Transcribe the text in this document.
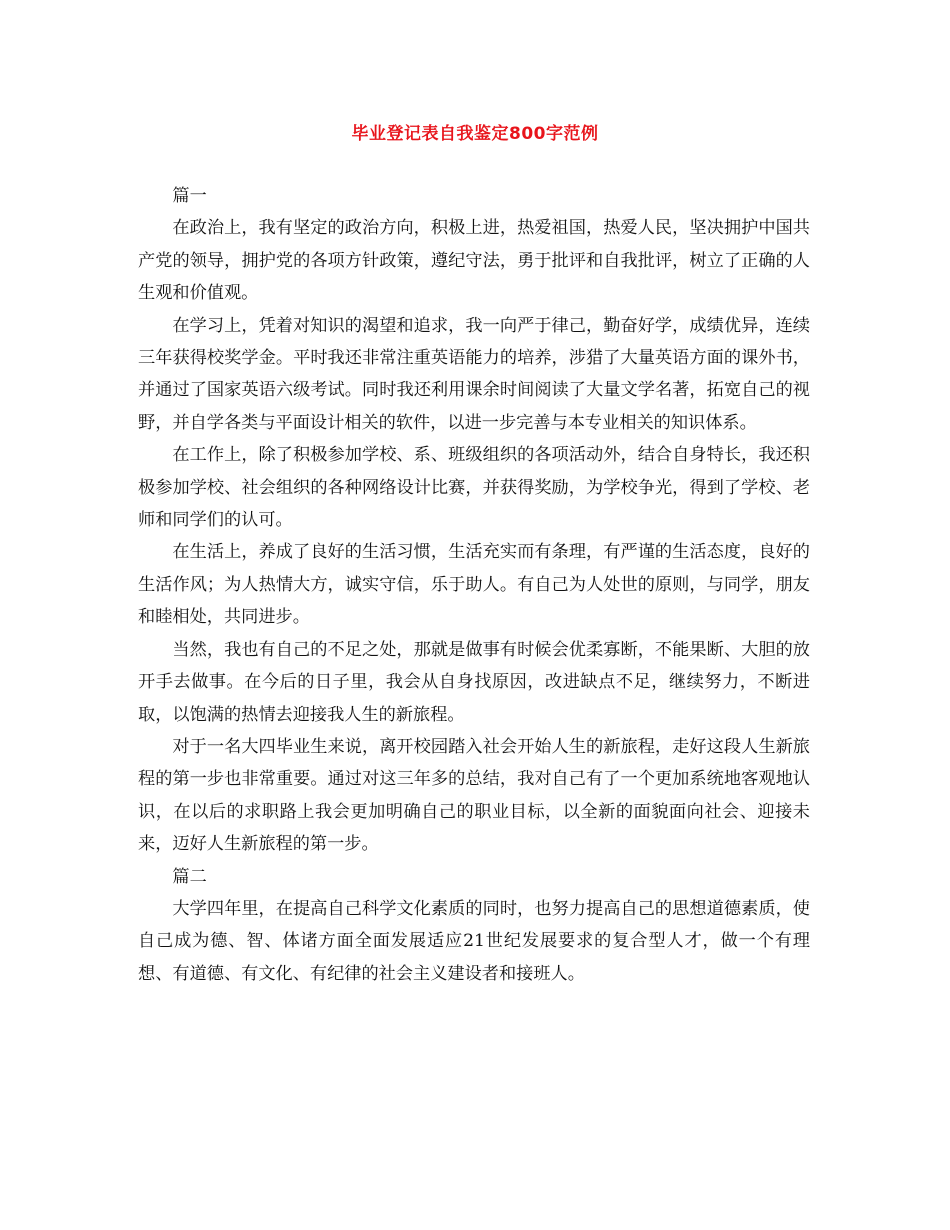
毕业登记表自我鉴定800字范例

篇一

在政治上，我有坚定的政治方向，积极上进，热爱祖国，热爱人民，坚决拥护中国共产党的领导，拥护党的各项方针政策，遵纪守法，勇于批评和自我批评，树立了正确的人生观和价值观。

在学习上，凭着对知识的渴望和追求，我一向严于律己，勤奋好学，成绩优异，连续三年获得校奖学金。平时我还非常注重英语能力的培养，涉猎了大量英语方面的课外书，并通过了国家英语六级考试。同时我还利用课余时间阅读了大量文学名著，拓宽自己的视野，并自学各类与平面设计相关的软件，以进一步完善与本专业相关的知识体系。

在工作上，除了积极参加学校、系、班级组织的各项活动外，结合自身特长，我还积极参加学校、社会组织的各种网络设计比赛，并获得奖励，为学校争光，得到了学校、老师和同学们的认可。

在生活上，养成了良好的生活习惯，生活充实而有条理，有严谨的生活态度，良好的生活作风；为人热情大方，诚实守信，乐于助人。有自己为人处世的原则，与同学，朋友和睦相处，共同进步。

当然，我也有自己的不足之处，那就是做事有时候会优柔寡断，不能果断、大胆的放开手去做事。在今后的日子里，我会从自身找原因，改进缺点不足，继续努力，不断进取，以饱满的热情去迎接我人生的新旅程。

对于一名大四毕业生来说，离开校园踏入社会开始人生的新旅程，走好这段人生新旅程的第一步也非常重要。通过对这三年多的总结，我对自己有了一个更加系统地客观地认识，在以后的求职路上我会更加明确自己的职业目标，以全新的面貌面向社会、迎接未来，迈好人生新旅程的第一步。

篇二

大学四年里，在提高自己科学文化素质的同时，也努力提高自己的思想道德素质，使自己成为德、智、体诸方面全面发展适应21世纪发展要求的复合型人才，做一个有理想、有道德、有文化、有纪律的社会主义建设者和接班人。
